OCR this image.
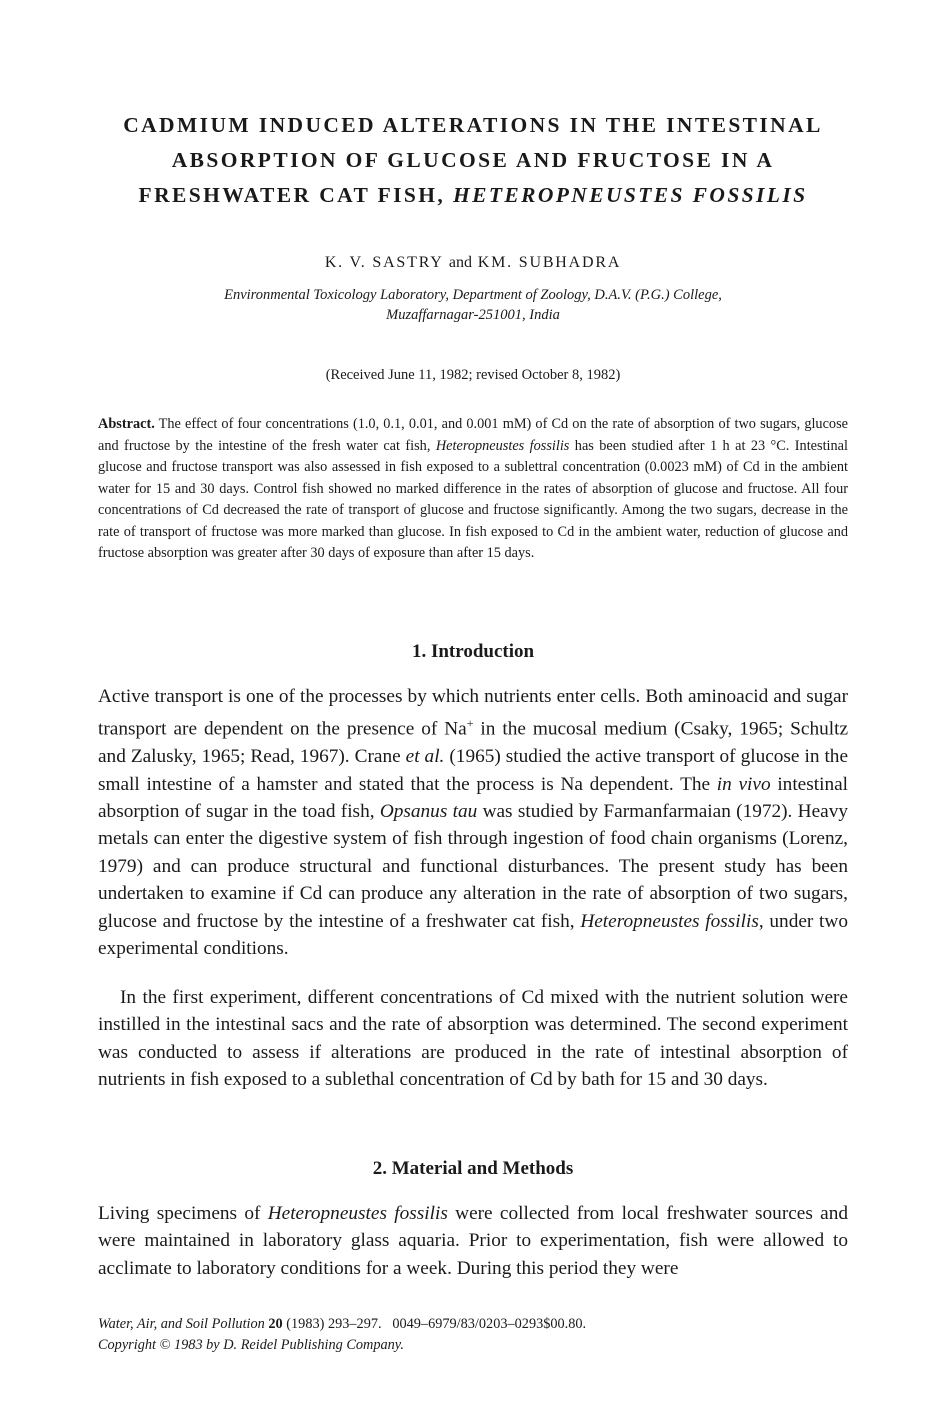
CADMIUM INDUCED ALTERATIONS IN THE INTESTINAL
ABSORPTION OF GLUCOSE AND FRUCTOSE IN A
FRESHWATER CAT FISH, HETEROPNEUSTES FOSSILIS

K. V. SASTRY and KM. SUBHADRA

Environmental Toxicology Laboratory, Department of Zoology, D.A.V. (P.G.) College,
Muzaffarnagar-251001, India

(Received June 11, 1982; revised October 8, 1982)

Abstract. The effect of four concentrations (1.0, 0.1, 0.01, and 0.001 mM) of Cd on the rate of absorption of two sugars, glucose and fructose by the intestine of the fresh water cat fish, Heteropneustes fossilis has been studied after 1 h at 23 °C. Intestinal glucose and fructose transport was also assessed in fish exposed to a sublettral concentration (0.0023 mM) of Cd in the ambient water for 15 and 30 days. Control fish showed no marked difference in the rates of absorption of glucose and fructose. All four concentrations of Cd decreased the rate of transport of glucose and fructose significantly. Among the two sugars, decrease in the rate of transport of fructose was more marked than glucose. In fish exposed to Cd in the ambient water, reduction of glucose and fructose absorption was greater after 30 days of exposure than after 15 days.

1. Introduction

Active transport is one of the processes by which nutrients enter cells. Both aminoacid and sugar transport are dependent on the presence of Na+ in the mucosal medium (Csaky, 1965; Schultz and Zalusky, 1965; Read, 1967). Crane et al. (1965) studied the active transport of glucose in the small intestine of a hamster and stated that the process is Na dependent. The in vivo intestinal absorption of sugar in the toad fish, Opsanus tau was studied by Farmanfarmaian (1972). Heavy metals can enter the digestive system of fish through ingestion of food chain organisms (Lorenz, 1979) and can produce structural and functional disturbances. The present study has been undertaken to examine if Cd can produce any alteration in the rate of absorption of two sugars, glucose and fructose by the intestine of a freshwater cat fish, Heteropneustes fossilis, under two experimental conditions.

In the first experiment, different concentrations of Cd mixed with the nutrient solution were instilled in the intestinal sacs and the rate of absorption was determined. The second experiment was conducted to assess if alterations are produced in the rate of intestinal absorption of nutrients in fish exposed to a sublethal concentration of Cd by bath for 15 and 30 days.

2. Material and Methods

Living specimens of Heteropneustes fossilis were collected from local freshwater sources and were maintained in laboratory glass aquaria. Prior to experimentation, fish were allowed to acclimate to laboratory conditions for a week. During this period they were

Water, Air, and Soil Pollution 20 (1983) 293–297. 0049–6979/83/0203–0293$00.80.
Copyright © 1983 by D. Reidel Publishing Company.
